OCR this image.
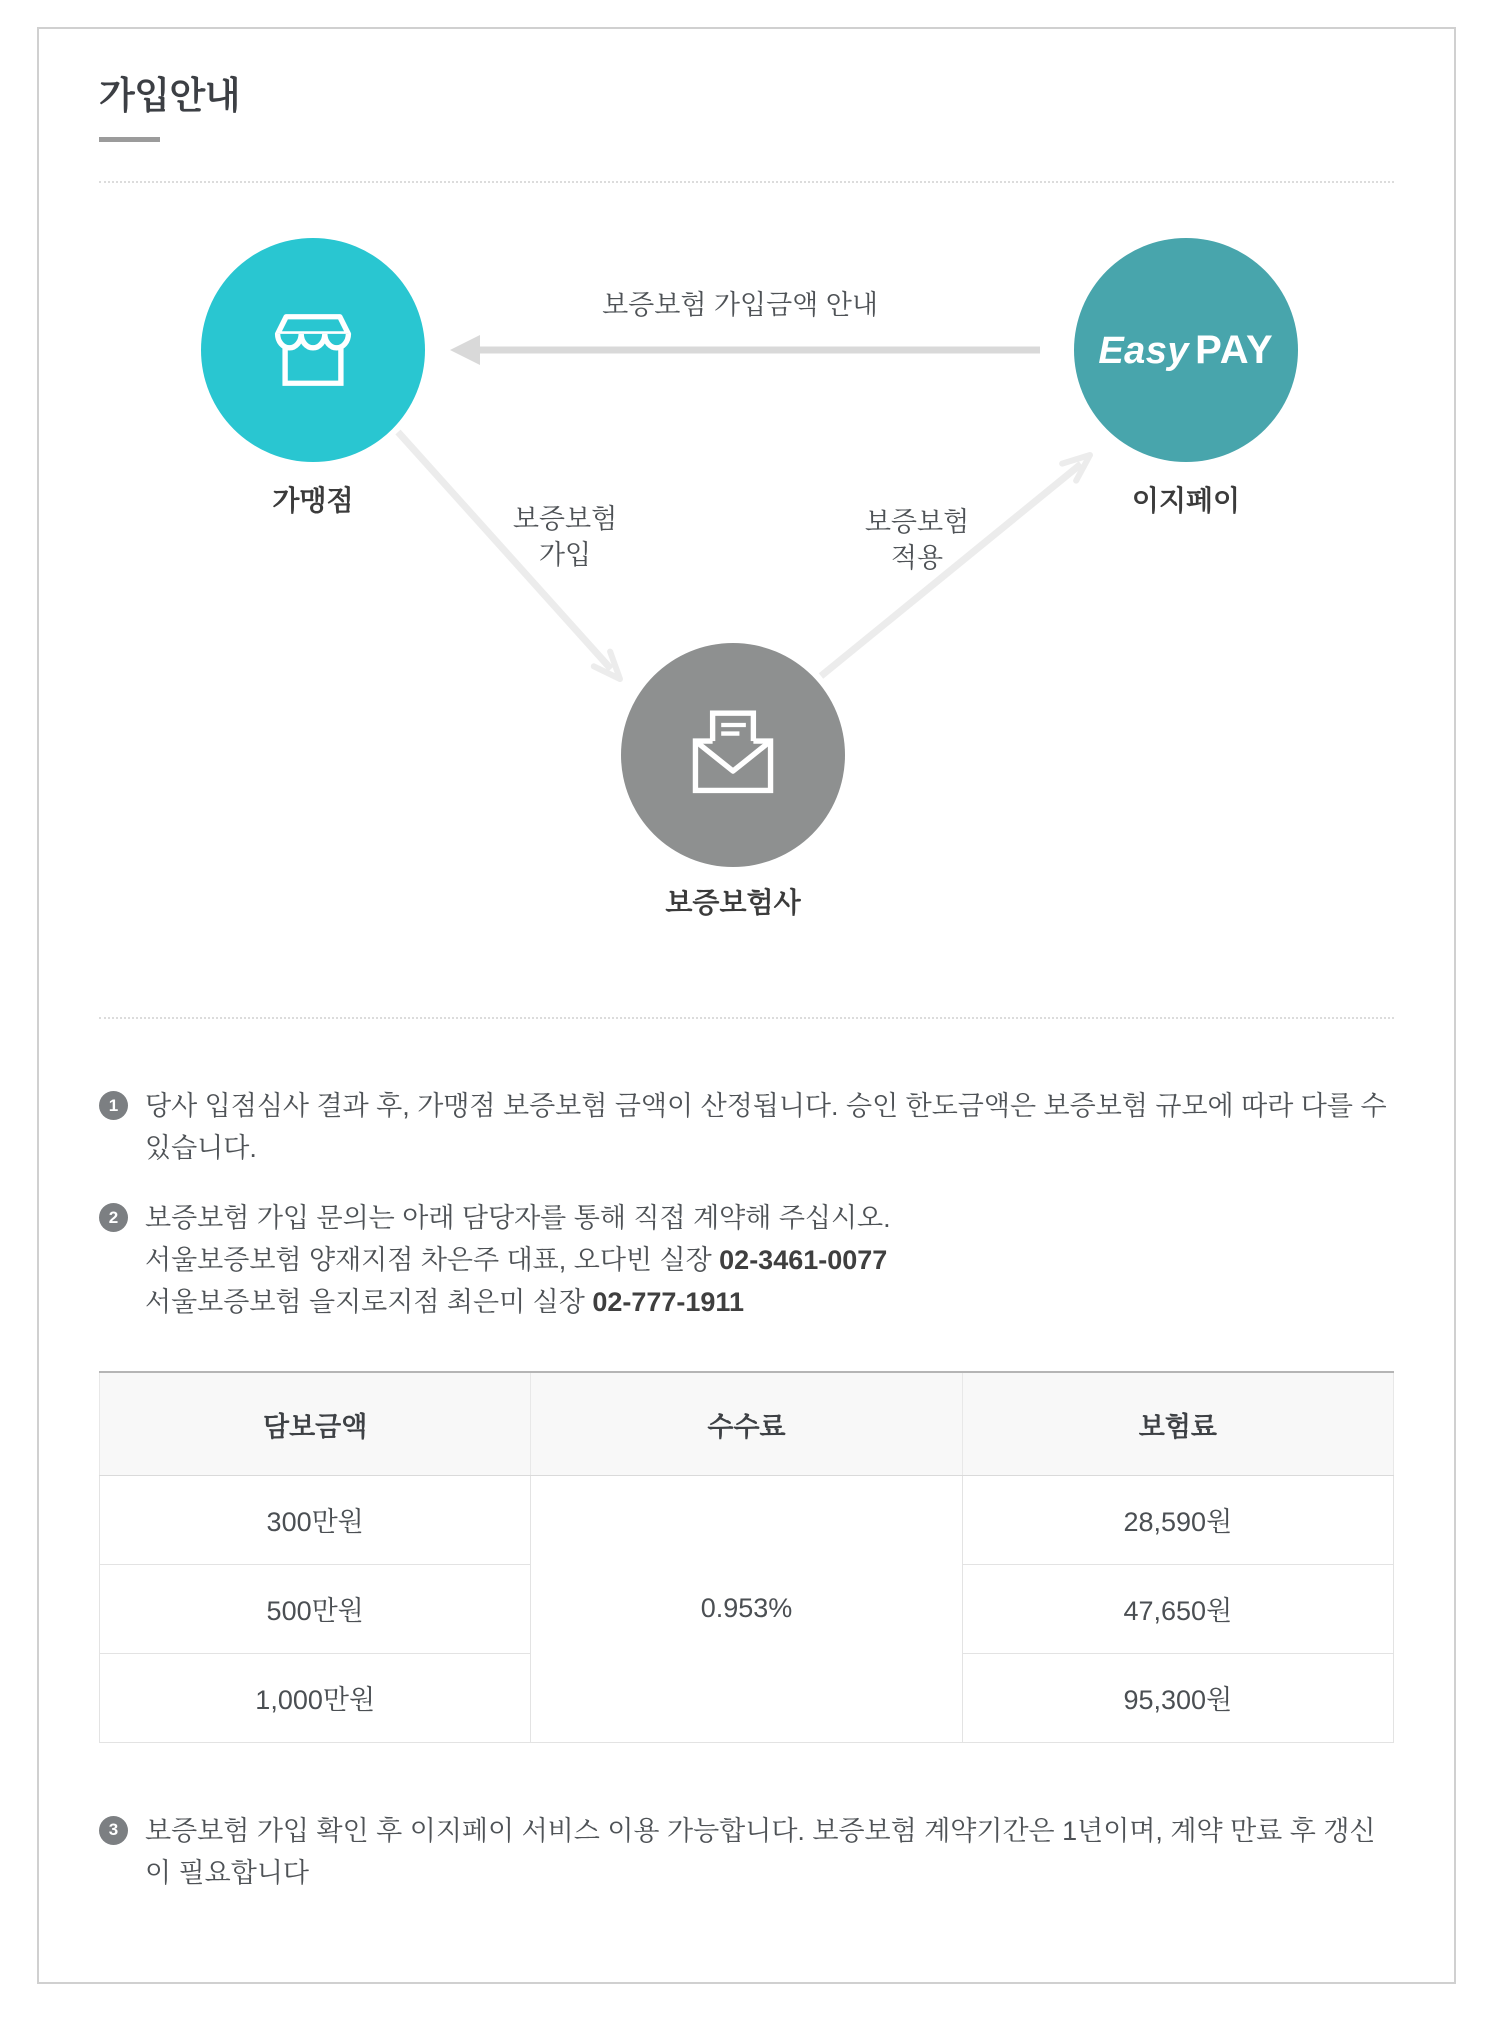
가입안내
Easy PAY
가맹점	이지페이
보증보험사
보증보험 가입금액 안내
보증보험
가입
보증보험
적용
1 당사 입점심사 결과 후, 가맹점 보증보험 금액이 산정됩니다. 승인 한도금액은 보증보험 규모에 따라 다를 수 있습니다.
2 보증보험 가입 문의는 아래 담당자를 통해 직접 계약해 주십시오.
서울보증보험 양재지점 차은주 대표, 오다빈 실장 02-3461-0077
서울보증보험 을지로지점 최은미 실장 02-777-1911
담보금액	수수료	보험료
300만원	0.953%	28,590원
500만원		47,650원
1,000만원		95,300원
3 보증보험 가입 확인 후 이지페이 서비스 이용 가능합니다. 보증보험 계약기간은 1년이며, 계약 만료 후 갱신이 필요합니다
